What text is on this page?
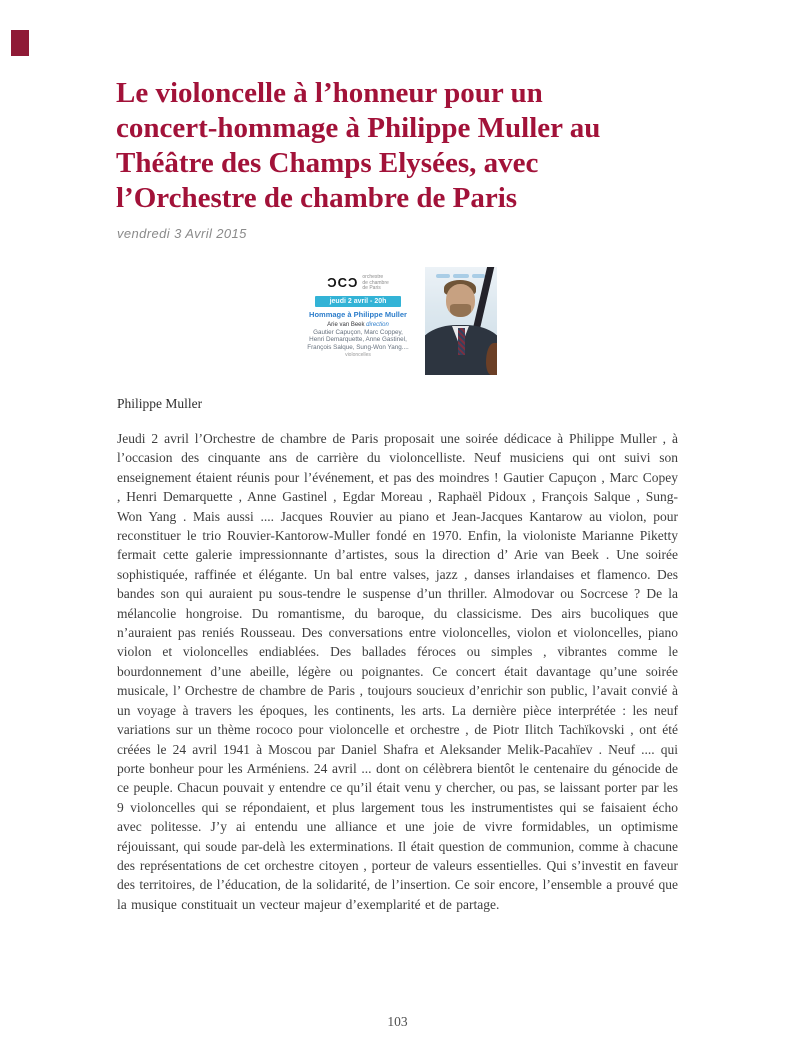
Le violoncelle à l’honneur pour un
concert-hommage à Philippe Muller au
Théâtre des Champs Elysées, avec
l’Orchestre de chambre de Paris
vendredi 3 Avril 2015
ƆCƆ orchestre
de chambre
de Paris
jeudi 2 avril - 20h
Hommage à Philippe Muller
Arie van Beek direction
Gautier Capuçon, Marc Coppey,
Henri Demarquette, Anne Gastinel,
François Salque, Sung-Won Yang....
violoncelles
Philippe Muller

Jeudi 2 avril l’Orchestre de chambre de Paris proposait une soirée dédicace à Philippe Muller , à l’occasion des cinquante ans de carrière du violoncelliste. Neuf musiciens qui ont suivi son enseignement étaient réunis pour l’événement, et pas des moindres ! Gautier Capuçon , Marc Copey , Henri Demarquette , Anne Gastinel , Egdar Moreau , Raphaël Pidoux , François Salque , Sung-Won Yang . Mais aussi .... Jacques Rouvier au piano et Jean-Jacques Kantarow au violon, pour reconstituer le trio Rouvier-Kantorow-Muller fondé en 1970. Enfin, la violoniste Marianne Piketty fermait cette galerie impressionnante d’artistes, sous la direction d’ Arie van Beek . Une soirée sophistiquée, raffinée et élégante. Un bal entre valses, jazz , danses irlandaises et flamenco. Des bandes son qui auraient pu sous-tendre le suspense d’un thriller. Almodovar ou Socrcese ? De la mélancolie hongroise. Du romantisme, du baroque, du classicisme. Des airs bucoliques que n’auraient pas reniés Rousseau. Des conversations entre violoncelles, violon et violoncelles, piano violon et violoncelles endiablées. Des ballades féroces ou simples , vibrantes comme le bourdonnement d’une abeille, légère ou poignantes. Ce concert était davantage qu’une soirée musicale, l’ Orchestre de chambre de Paris , toujours soucieux d’enrichir son public, l’avait convié à un voyage à travers les époques, les continents, les arts. La dernière pièce interprétée : les neuf variations sur un thème rococo pour violoncelle et orchestre , de Piotr Ilitch Tachïkovski , ont été créées le 24 avril 1941 à Moscou par Daniel Shafra et Aleksander Melik-Pacahïev . Neuf .... qui porte bonheur pour les Arméniens. 24 avril ... dont on célèbrera bientôt le centenaire du génocide de ce peuple. Chacun pouvait y entendre ce qu’il était venu y chercher, ou pas, se laissant porter par les 9 violoncelles qui se répondaient, et plus largement tous les instrumentistes qui se faisaient écho avec politesse. J’y ai entendu une alliance et une joie de vivre formidables, un optimisme réjouissant, qui soude par-delà les exterminations. Il était question de communion, comme à chacune des représentations de cet orchestre citoyen , porteur de valeurs essentielles. Qui s’investit en faveur des territoires, de l’éducation, de la solidarité, de l’insertion. Ce soir encore, l’ensemble a prouvé que la musique constituait un vecteur majeur d’exemplarité et de partage.

103
